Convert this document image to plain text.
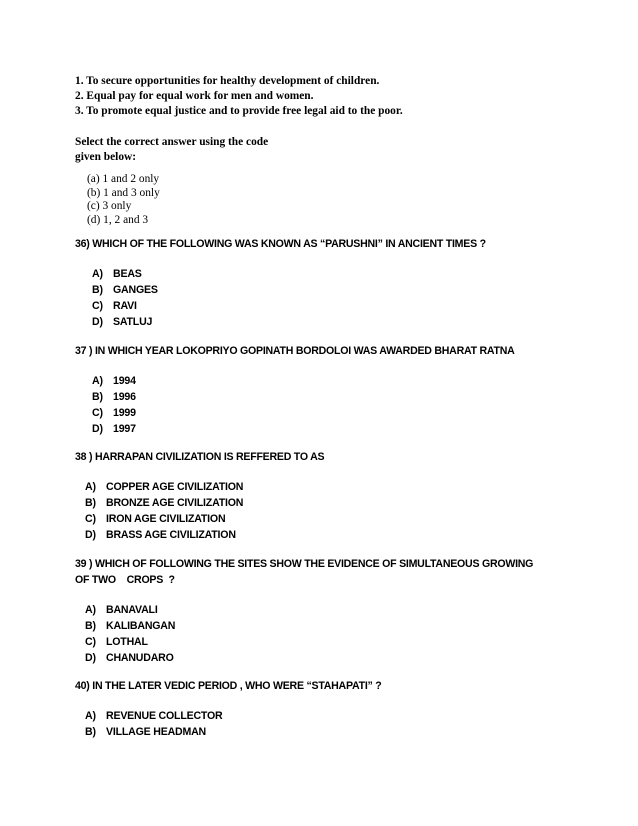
1. To secure opportunities for healthy development of children.
2. Equal pay for equal work for men and women.
3. To promote equal justice and to provide free legal aid to the poor.
Select the correct answer using the code
given below:
(a) 1 and 2 only
(b) 1 and 3 only
(c) 3 only
(d) 1, 2 and 3
36) WHICH OF THE FOLLOWING WAS KNOWN AS “PARUSHNI” IN ANCIENT TIMES ?
A) BEAS
B) GANGES
C) RAVI
D) SATLUJ
37 ) IN WHICH YEAR LOKOPRIYO GOPINATH BORDOLOI WAS AWARDED BHARAT RATNA
A) 1994
B) 1996
C) 1999
D) 1997
38 ) HARRAPAN CIVILIZATION IS REFFERED TO AS
A) COPPER AGE CIVILIZATION
B) BRONZE AGE CIVILIZATION
C) IRON AGE CIVILIZATION
D) BRASS AGE CIVILIZATION
39 ) WHICH OF FOLLOWING THE SITES SHOW THE EVIDENCE OF SIMULTANEOUS GROWING
OF TWO    CROPS  ?
A) BANAVALI
B) KALIBANGAN
C) LOTHAL
D) CHANUDARO
40) IN THE LATER VEDIC PERIOD , WHO WERE “STAHAPATI” ?
A) REVENUE COLLECTOR
B) VILLAGE HEADMAN
